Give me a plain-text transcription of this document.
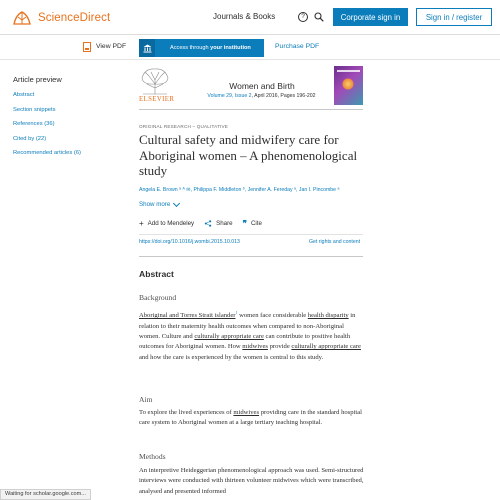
ScienceDirect	Journals & Books	?	Corporate sign in	Sign in / register
View PDF	Access through
your institution	Purchase PDF
Article preview
Abstract
Section snippets
References (36)
Cited by (22)
Recommended articles (6)
ELSEVIER
Women and Birth
Volume 29, Issue 2, April 2016, Pages 196-202
ORIGINAL RESEARCH – QUALITATIVE
Cultural safety and midwifery care for Aboriginal women – A phenomenological study
Angela E. Brown ᵃ ᴬ ✉, Philippa F. Middleton ᵇ, Jennifer A. Fereday ᵃ, Jan I. Pincombe ᵃ
Show more
+ Add to Mendeley	Share ❞ Cite
https://doi.org/10.1016/j.wombi.2015.10.013	Get rights and content
Abstract
Background
Aboriginal and Torres Strait islander$^1$ women face considerable health disparity in relation to their maternity health outcomes when compared to non-Aboriginal women. Culture and culturally appropriate care can contribute to positive health outcomes for Aboriginal women. How midwives provide culturally appropriate care and how the care is experienced by the women is central to this study.
Aim
To explore the lived experiences of midwives providing care in the standard hospital care system to Aboriginal women at a large tertiary teaching hospital.
Methods
An interpretive Heideggerian phenomenological approach was used. Semi-structured interviews were conducted with thirteen volunteer midwives which were transcribed, analysed and presented informed
Waiting for scholar.google.com...
